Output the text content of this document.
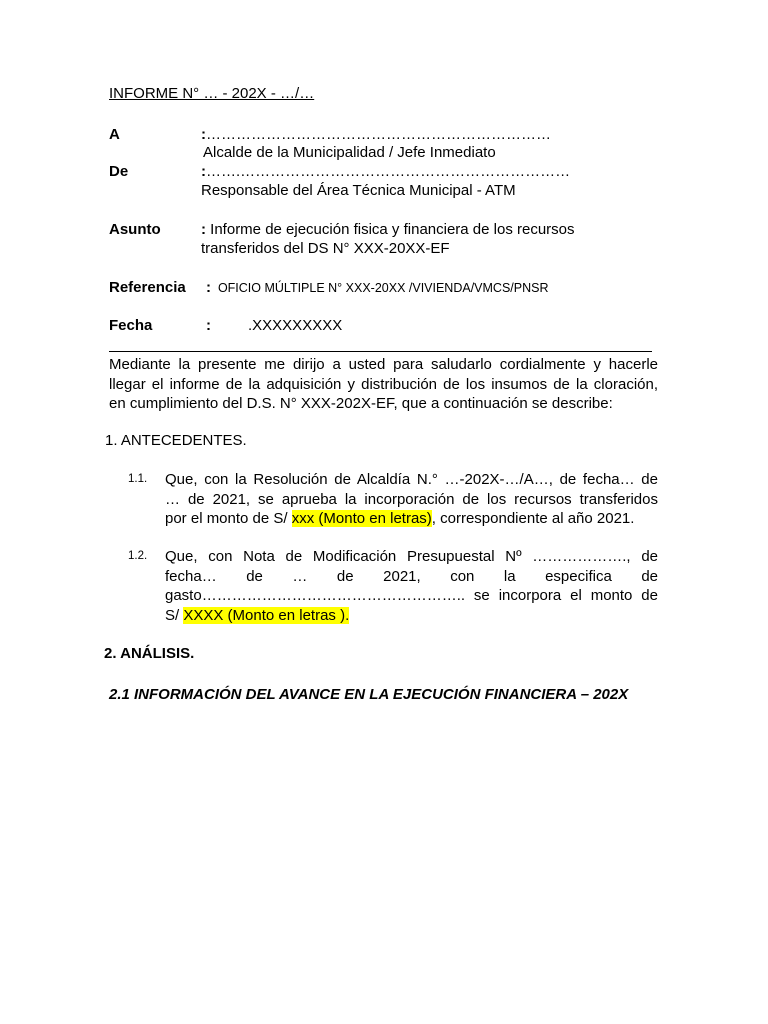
INFORME N° … - 202X - …/…
A	:……………………………………………………………
Alcalde de la Municipalidad / Jefe Inmediato
De	:…….…………………………………………………………
Responsable del Área Técnica Municipal - ATM
Asunto	: Informe de ejecución fisica y financiera de los recursos
transferidos del DS N° XXX-20XX-EF
Referencia : OFICIO MÚLTIPLE N° XXX-20XX /VIVIENDA/VMCS/PNSR
Fecha	: .XXXXXXXXX
Mediante la presente me dirijo a usted para saludarlo cordialmente y hacerle
llegar el informe de la adquisición y distribución de los insumos de la cloración,
en cumplimiento del D.S. N° XXX-202X-EF, que a continuación se describe:
1. ANTECEDENTES.
1.1. Que, con la Resolución de Alcaldía N.° …-202X-…/A…, de fecha… de
… de 2021, se aprueba la incorporación de los recursos transferidos
por el monto de S/ xxx (Monto en letras), correspondiente al año 2021.
1.2. Que, con Nota de Modificación Presupuestal Nº ………………., de
fecha… de … de 2021, con la especifica de
gasto…………………………………………….. se incorpora el monto de
S/ XXXX (Monto en letras ).
2. ANÁLISIS.
2.1 INFORMACIÓN DEL AVANCE EN LA EJECUCIÓN FINANCIERA – 202X
